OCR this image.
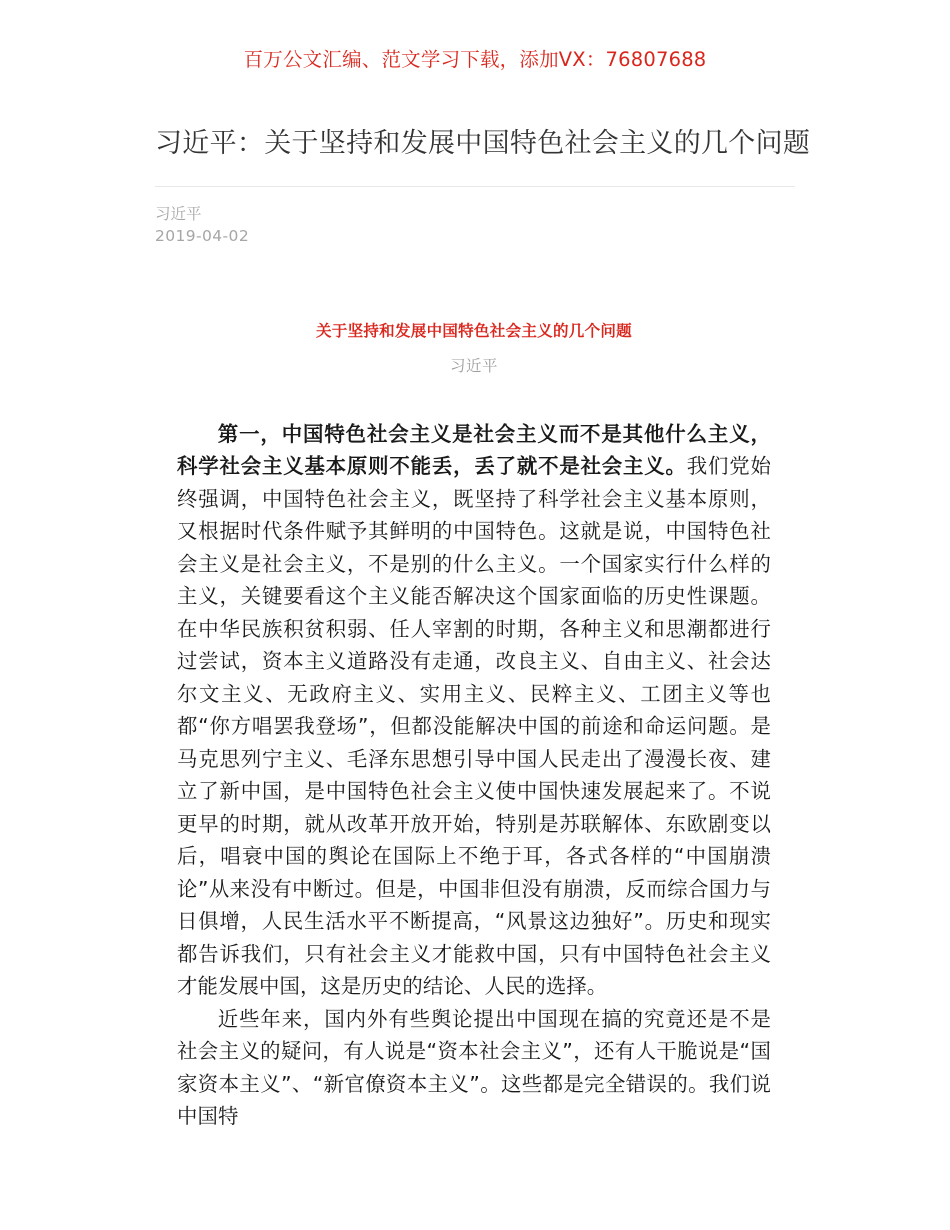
百万公文汇编、范文学习下载，添加VX：76807688
习近平：关于坚持和发展中国特色社会主义的几个问题

习近平

2019-04-02

关于坚持和发展中国特色社会主义的几个问题

习近平

第一，中国特色社会主义是社会主义而不是其他什么主义，科学社会主义基本原则不能丢，丢了就不是社会主义。我们党始终强调，中国特色社会主义，既坚持了科学社会主义基本原则，又根据时代条件赋予其鲜明的中国特色。这就是说，中国特色社会主义是社会主义，不是别的什么主义。一个国家实行什么样的主义，关键要看这个主义能否解决这个国家面临的历史性课题。在中华民族积贫积弱、任人宰割的时期，各种主义和思潮都进行过尝试，资本主义道路没有走通，改良主义、自由主义、社会达尔文主义、无政府主义、实用主义、民粹主义、工团主义等也都“你方唱罢我登场”，但都没能解决中国的前途和命运问题。是马克思列宁主义、毛泽东思想引导中国人民走出了漫漫长夜、建立了新中国，是中国特色社会主义使中国快速发展起来了。不说更早的时期，就从改革开放开始，特别是苏联解体、东欧剧变以后，唱衰中国的舆论在国际上不绝于耳，各式各样的“中国崩溃论”从来没有中断过。但是，中国非但没有崩溃，反而综合国力与日俱增，人民生活水平不断提高，“风景这边独好”。历史和现实都告诉我们，只有社会主义才能救中国，只有中国特色社会主义才能发展中国，这是历史的结论、人民的选择。

近些年来，国内外有些舆论提出中国现在搞的究竟还是不是社会主义的疑问，有人说是“资本社会主义”，还有人干脆说是“国家资本主义”、“新官僚资本主义”。这些都是完全错误的。我们说中国特
